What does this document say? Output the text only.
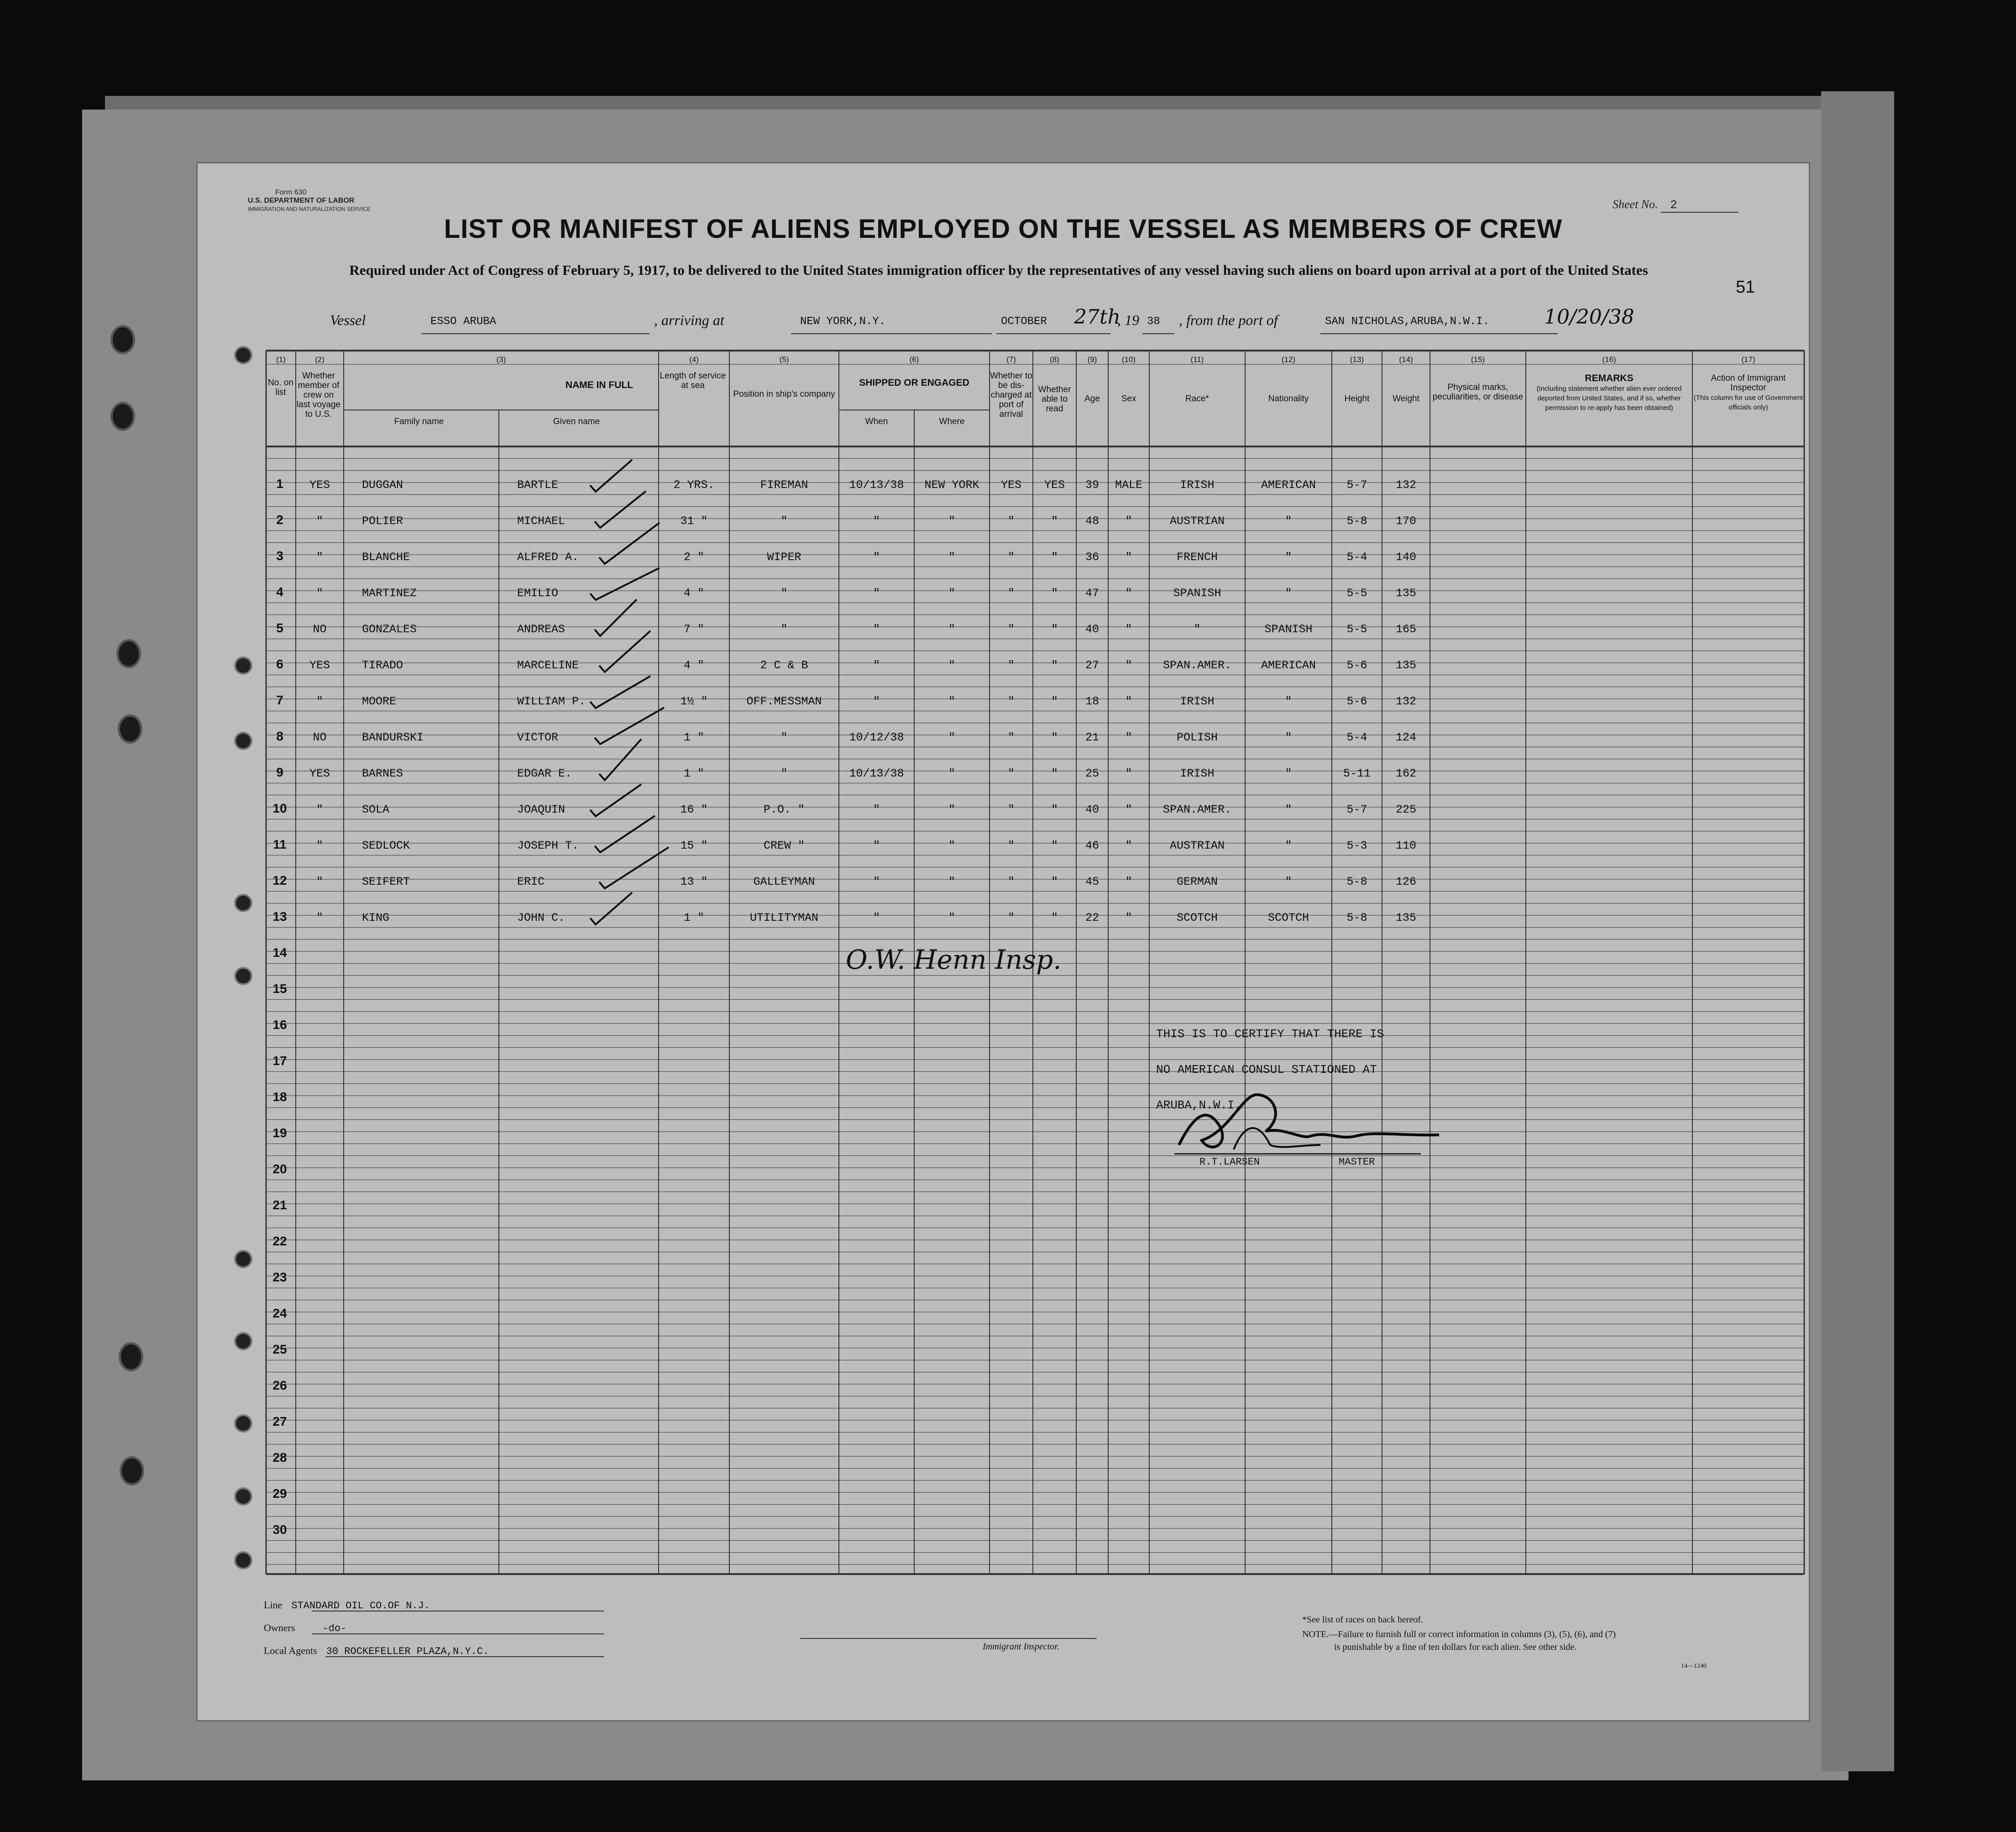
Form 630
U.S. DEPARTMENT OF LABOR
IMMIGRATION AND NATURALIZATION SERVICE	Sheet No. 2
51
LIST OR MANIFEST OF ALIENS EMPLOYED ON THE VESSEL AS MEMBERS OF CREW
Required under Act of Congress of February 5, 1917, to be delivered to the United States immigration officer by the representatives of any vessel having such aliens on board upon arrival at a port of the United States
Vessel	ESSO ARUBA	, arriving at	NEW YORK,N.Y.	OCTOBER 27th
, 19 38 , from the port of	SAN NICHOLAS,ARUBA,N.W.I.	10/20/38
(1)	(2)	(3)	(4)	(5)	(6)	(7)	(8)	(9)	(10)	(11)	(12)	(13)	(14)	(15)	(16)	(17)
No. on list
Whether member of crew on last voyage to U.S.
NAME IN FULL
Family name	Given name
Length of service at sea
Position in ship's company
SHIPPED OR ENGAGED
When	Where
Whether to be dis-charged at port of arrival
Whether able to read
Age	Sex	Race*	Nationality	Height	Weight
Physical marks, peculiarities, or disease
REMARKS
(Including statement whether alien ever ordered deported from United States, and if so, whether permission to re-apply has been obtained)
Action of Immigrant Inspector
(This column for use of Government officials only)
1	YES	DUGGAN	BARTLE	2 YRS.	FIREMAN	10/13/38	NEW YORK	YES	YES	39	MALE	IRISH	AMERICAN	5-7	132
2	"	POLIER	MICHAEL	31 "	"	"	"	"	"	48	"	AUSTRIAN	"	5-8	170
3	"	BLANCHE	ALFRED A.	2 "	WIPER	"	"	"	"	36	"	FRENCH	"	5-4	140
4	"	MARTINEZ	EMILIO	4 "	"	"	"	"	"	47	"	SPANISH	"	5-5	135
5	NO	GONZALES	ANDREAS	7 "	"	"	"	"	"	40	"	"	SPANISH	5-5	165
6	YES	TIRADO	MARCELINE	4 "	2 C & B	"	"	"	"	27	"	SPAN.AMER.	AMERICAN	5-6	135
7	"	MOORE	WILLIAM P.	1½ "	OFF.MESSMAN	"	"	"	"	18	"	IRISH	"	5-6	132
8	NO	BANDURSKI	VICTOR	1 "	"	10/12/38	"	"	"	21	"	POLISH	"	5-4	124
9	YES	BARNES	EDGAR E.	1 "	"	10/13/38	"	"	"	25	"	IRISH	"	5-11	162
10	"	SOLA	JOAQUIN	16 "	P.O. "	"	"	"	"	40	"	SPAN.AMER.	"	5-7	225
11	"	SEDLOCK	JOSEPH T.	15 "	CREW "	"	"	"	"	46	"	AUSTRIAN	"	5-3	110
12	"	SEIFERT	ERIC	13 "	GALLEYMAN	"	"	"	"	45	"	GERMAN	"	5-8	126
13	"	KING	JOHN C.	1 "	UTILITYMAN	"	"	"	"	22	"	SCOTCH	SCOTCH	5-8	135
14
15
16
17
18
19
20
21
22
23
24
25
26
27
28
29
30
O.W. Henn Insp.
THIS IS TO CERTIFY THAT THERE IS
NO AMERICAN CONSUL STATIONED AT
ARUBA,N.W.I.
R.T.LARSEN	MASTER
Line STANDARD OIL CO.OF N.J.
Owners	-do-
Local Agents 30 ROCKEFELLER PLAZA,N.Y.C.	Immigrant Inspector.
*See list of races on back hereof.
NOTE.—Failure to furnish full or correct information in columns (3), (5), (6), and (7)
is punishable by a fine of ten dollars for each alien. See other side.
14—1240
